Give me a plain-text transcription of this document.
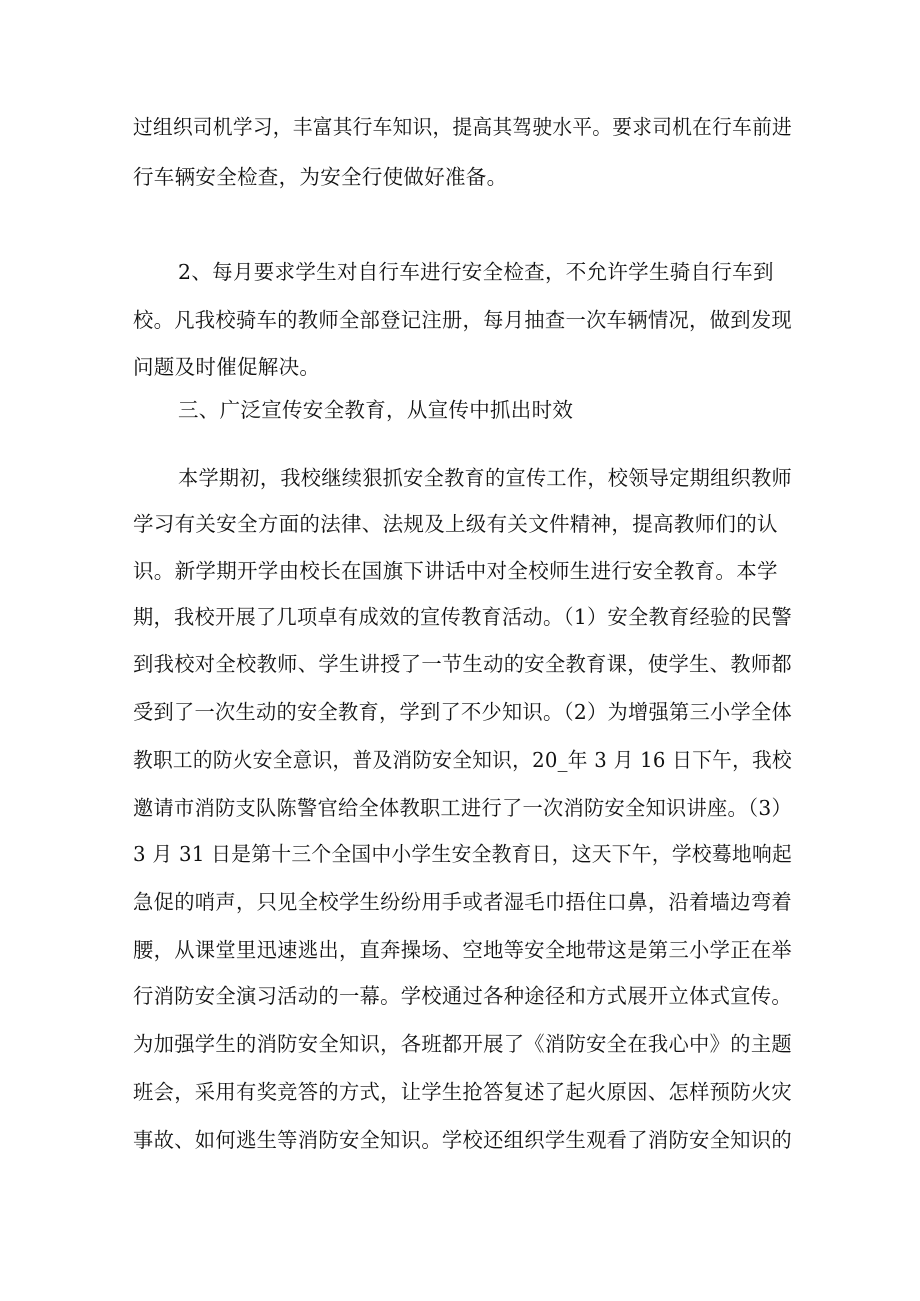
过组织司机学习，丰富其行车知识，提高其驾驶水平。要求司机在行车前进
行车辆安全检查，为安全行使做好准备。
2、每月要求学生对自行车进行安全检查，不允许学生骑自行车到
校。凡我校骑车的教师全部登记注册，每月抽查一次车辆情况，做到发现
问题及时催促解决。
三、广泛宣传安全教育，从宣传中抓出时效
本学期初，我校继续狠抓安全教育的宣传工作，校领导定期组织教师
学习有关安全方面的法律、法规及上级有关文件精神，提高教师们的认
识。新学期开学由校长在国旗下讲话中对全校师生进行安全教育。本学
期，我校开展了几项卓有成效的宣传教育活动。（1）安全教育经验的民警
到我校对全校教师、学生讲授了一节生动的安全教育课，使学生、教师都
受到了一次生动的安全教育，学到了不少知识。（2）为增强第三小学全体
教职工的防火安全意识，普及消防安全知识，20_年 3 月 16 日下午，我校
邀请市消防支队陈警官给全体教职工进行了一次消防安全知识讲座。（3）
3 月 31 日是第十三个全国中小学生安全教育日，这天下午，学校蓦地响起
急促的哨声，只见全校学生纷纷用手或者湿毛巾捂住口鼻，沿着墙边弯着
腰，从课堂里迅速逃出，直奔操场、空地等安全地带这是第三小学正在举
行消防安全演习活动的一幕。学校通过各种途径和方式展开立体式宣传。
为加强学生的消防安全知识，各班都开展了《消防安全在我心中》的主题
班会，采用有奖竞答的方式，让学生抢答复述了起火原因、怎样预防火灾
事故、如何逃生等消防安全知识。学校还组织学生观看了消防安全知识的
